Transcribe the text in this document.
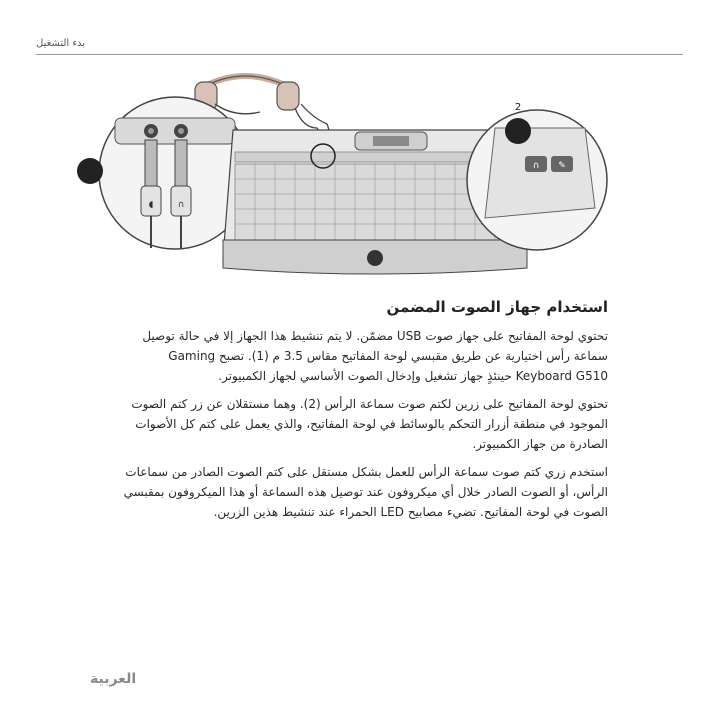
بدء التشغيل
◖	∩
1
∩ ✎
2
استخدام جهاز الصوت المضمن

تحتوي لوحة المفاتيح على جهاز صوت USB مضمّن. لا يتم تنشيط هذا الجهاز إلا في حالة توصيل سماعة رأس اختيارية عن طريق مقبسي لوحة المفاتيح مقاس 3.5 م (1). تصبح Gaming Keyboard G510 حينئذٍ جهاز تشغيل وإدخال الصوت الأساسي لجهاز الكمبيوتر.

تحتوي لوحة المفاتيح على زرين لكتم صوت سماعة الرأس (2). وهما مستقلان عن زر كتم الصوت الموجود في منطقة أزرار التحكم بالوسائط في لوحة المفاتيح، والذي يعمل على كتم كل الأصوات الصادرة من جهاز الكمبيوتر.

استخدم زري كتم صوت سماعة الرأس للعمل بشكل مستقل على كتم الصوت الصادر من سماعات الرأس، أو الصوت الصادر خلال أي ميكروفون عند توصيل هذه السماعة أو هذا الميكروفون بمقبسي الصوت في لوحة المفاتيح. تضيء مصابيح LED الحمراء عند تنشيط هذين الزرين.

العربية
